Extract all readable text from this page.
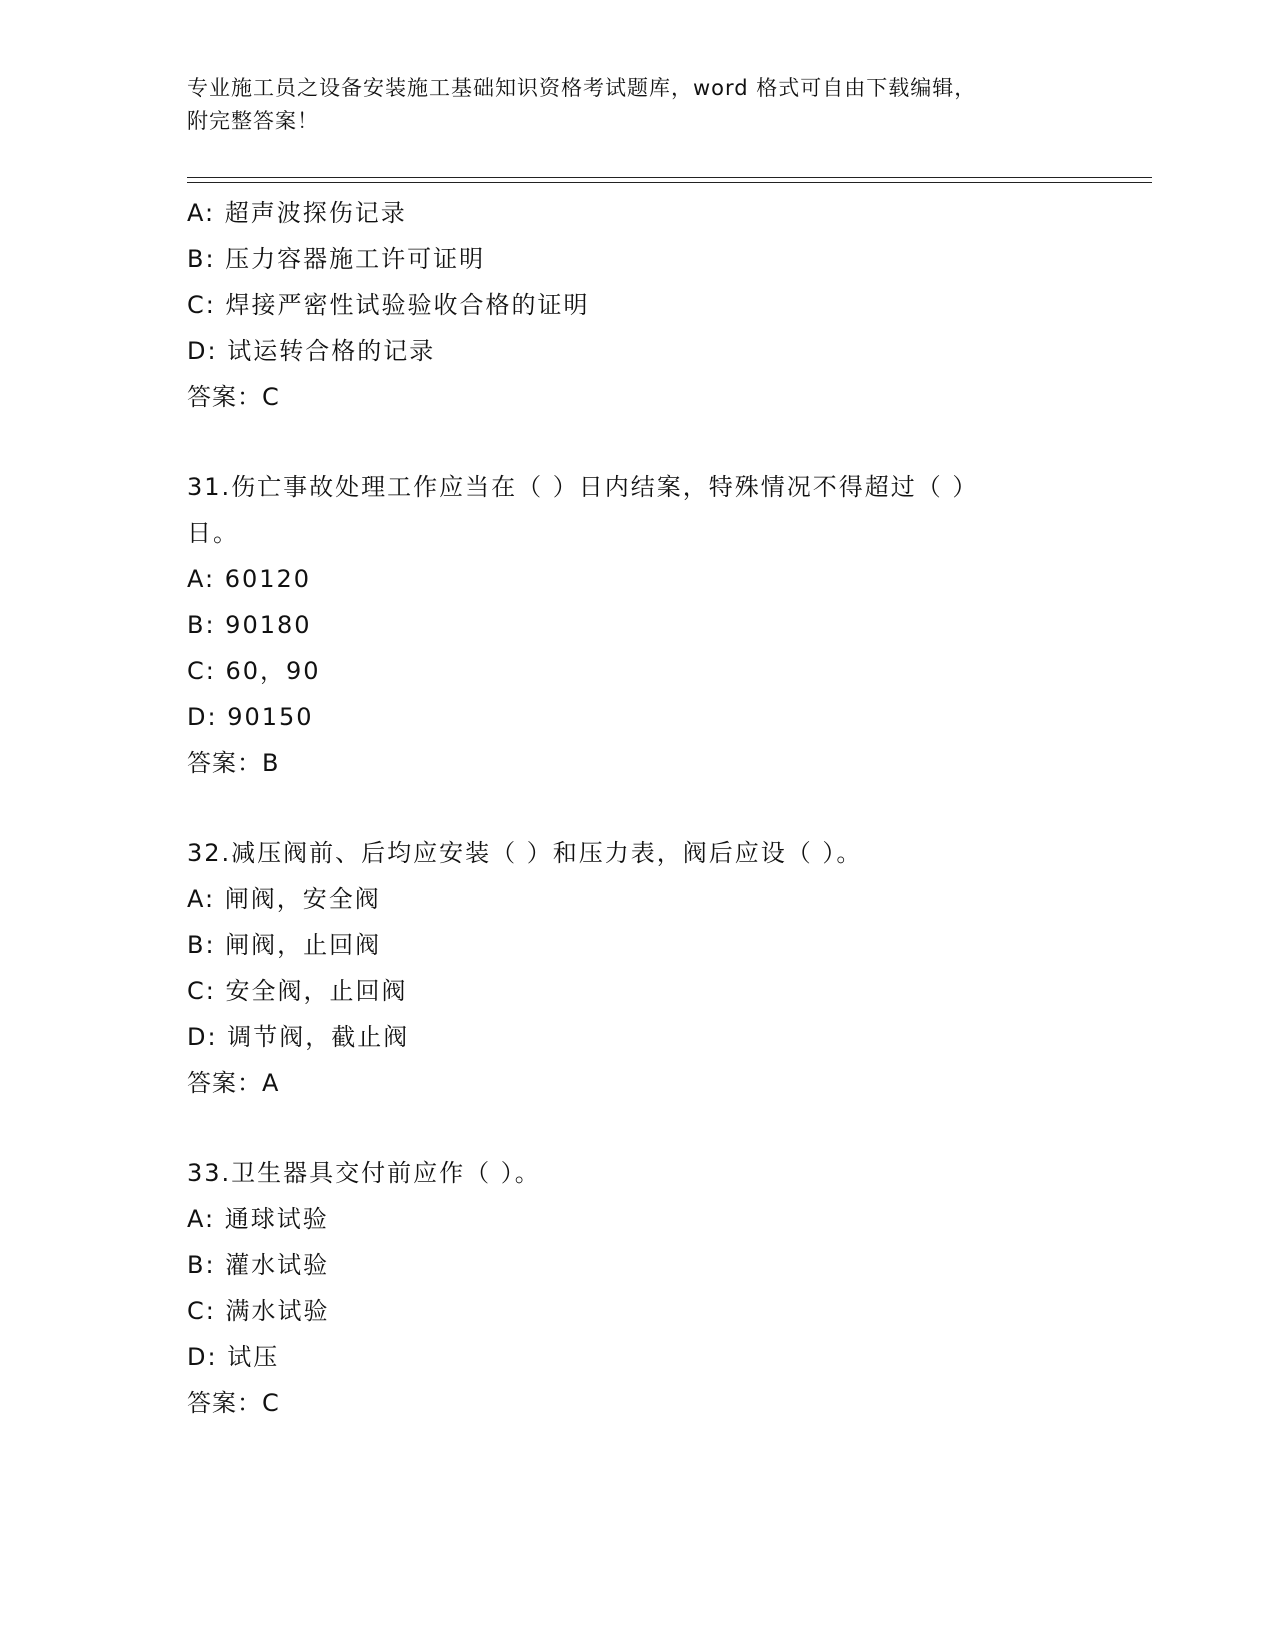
专业施工员之设备安装施工基础知识资格考试题库，word 格式可自由下载编辑，
附完整答案！
A: 超声波探伤记录
B: 压力容器施工许可证明
C: 焊接严密性试验验收合格的证明
D: 试运转合格的记录
答案：C
31.伤亡事故处理工作应当在（ ）日内结案，特殊情况不得超过（ ）
日。
A: 60120
B: 90180
C: 60，90
D: 90150
答案：B
32.减压阀前、后均应安装（ ）和压力表，阀后应设（ ）。
A: 闸阀，安全阀
B: 闸阀，止回阀
C: 安全阀，止回阀
D: 调节阀，截止阀
答案：A
33.卫生器具交付前应作（ ）。
A: 通球试验
B: 灌水试验
C: 满水试验
D: 试压
答案：C
